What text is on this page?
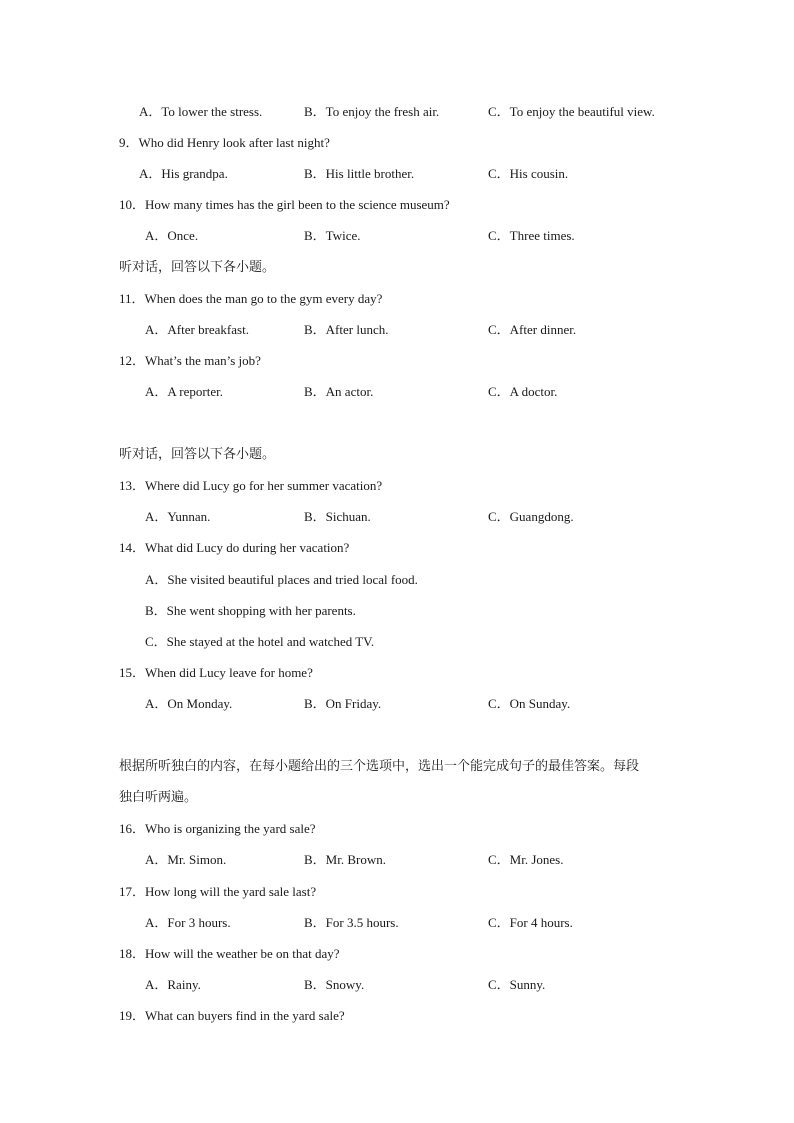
A．To lower the stress.	B．To enjoy the fresh air.	C．To enjoy the beautiful view.
9．Who did Henry look after last night?
A．His grandpa.	B．His little brother.	C．His cousin.
10．How many times has the girl been to the science museum?
A．Once.	B．Twice.	C．Three times.
听对话，回答以下各小题。
11．When does the man go to the gym every day?
A．After breakfast.	B．After lunch.	C．After dinner.
12．What’s the man’s job?
A．A reporter.	B．An actor.	C．A doctor.
听对话，回答以下各小题。
13．Where did Lucy go for her summer vacation?
A．Yunnan.	B．Sichuan.	C．Guangdong.
14．What did Lucy do during her vacation?
A．She visited beautiful places and tried local food.
B．She went shopping with her parents.
C．She stayed at the hotel and watched TV.
15．When did Lucy leave for home?
A．On Monday.	B．On Friday.	C．On Sunday.
根据所听独白的内容，在每小题给出的三个选项中，选出一个能完成句子的最佳答案。每段
独白听两遍。
16．Who is organizing the yard sale?
A．Mr. Simon.	B．Mr. Brown.	C．Mr. Jones.
17．How long will the yard sale last?
A．For 3 hours.	B．For 3.5 hours.	C．For 4 hours.
18．How will the weather be on that day?
A．Rainy.	B．Snowy.	C．Sunny.
19．What can buyers find in the yard sale?
